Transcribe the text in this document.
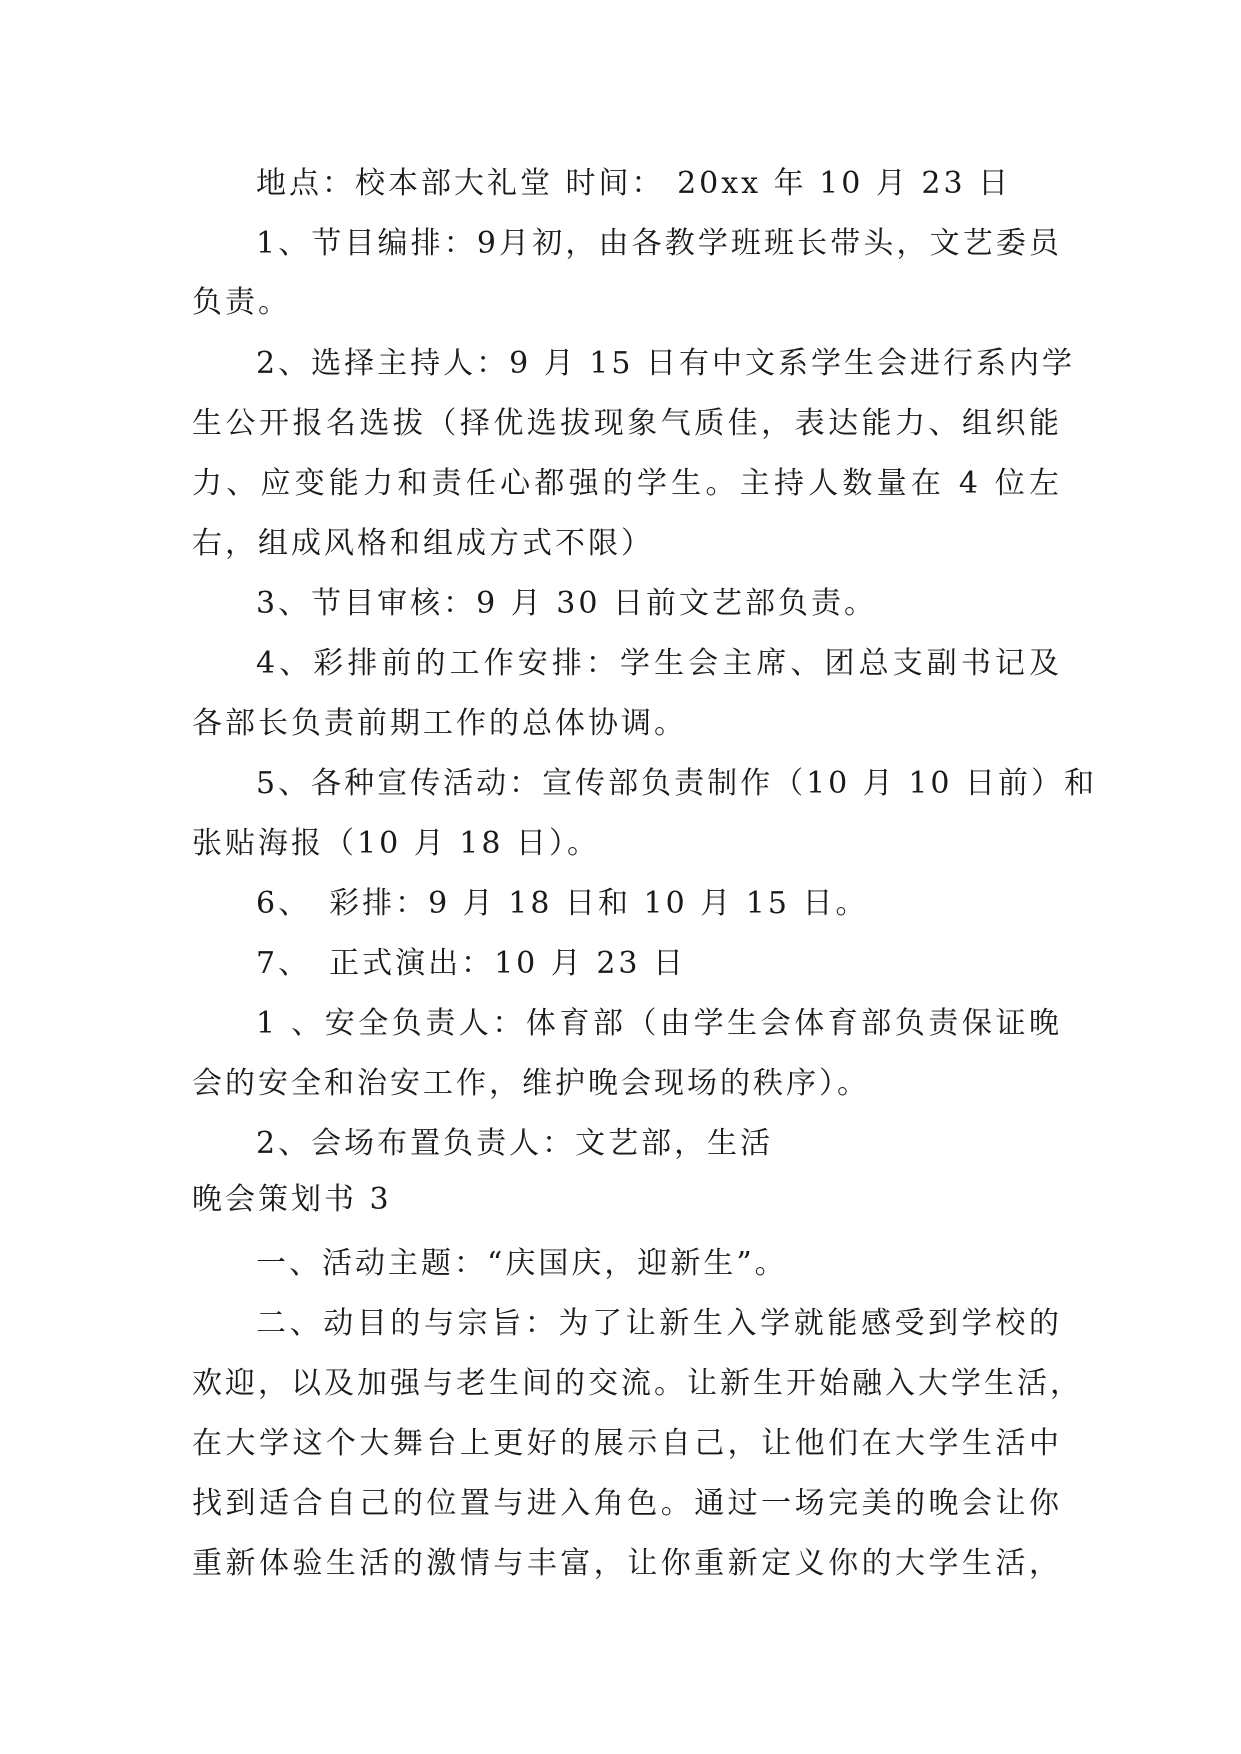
地点：校本部大礼堂 时间： 20xx 年 10 月 23 日
1、节目编排：9月初，由各教学班班长带头，文艺委员
负责。
2、选择主持人：9 月 15 日有中文系学生会进行系内学
生公开报名选拔（择优选拔现象气质佳，表达能力、组织能
力、应变能力和责任心都强的学生。主持人数量在 4 位左
右，组成风格和组成方式不限）
3、节目审核：9 月 30 日前文艺部负责。
4、彩排前的工作安排：学生会主席、团总支副书记及
各部长负责前期工作的总体协调。
5、各种宣传活动：宣传部负责制作（10 月 10 日前）和
张贴海报（10 月 18 日）。
6、　彩排：9 月 18 日和 10 月 15 日。
7、　正式演出：10 月 23 日
1 、安全负责人：体育部（由学生会体育部负责保证晚
会的安全和治安工作，维护晚会现场的秩序）。
2、会场布置负责人：文艺部，生活
晚会策划书 3
一、活动主题：“庆国庆，迎新生”。
二、动目的与宗旨：为了让新生入学就能感受到学校的
欢迎，以及加强与老生间的交流。让新生开始融入大学生活，
在大学这个大舞台上更好的展示自己，让他们在大学生活中
找到适合自己的位置与进入角色。通过一场完美的晚会让你
重新体验生活的激情与丰富，让你重新定义你的大学生活，
